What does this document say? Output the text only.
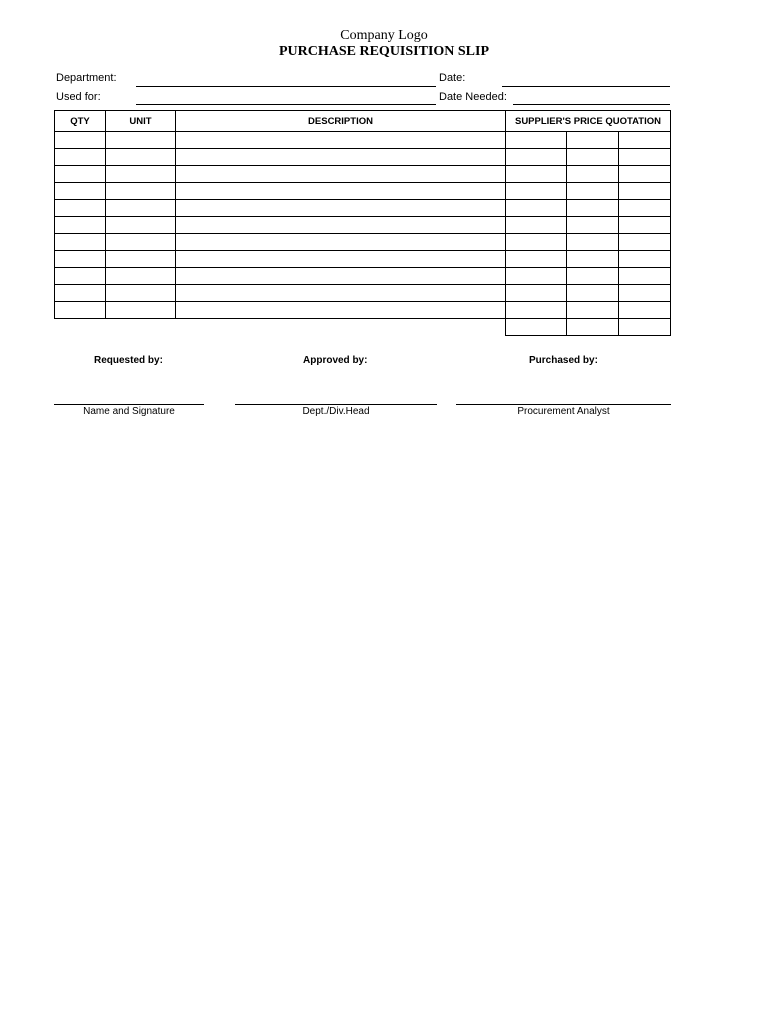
Company Logo
PURCHASE REQUISITION SLIP
Department:	Date:
Used for:	Date Needed:
QTY	UNIT	DESCRIPTION	SUPPLIER'S PRICE QUOTATION		

Requested by:	Approved by:	Purchased by:
Name and Signature	Dept./Div.Head	Procurement Analyst
